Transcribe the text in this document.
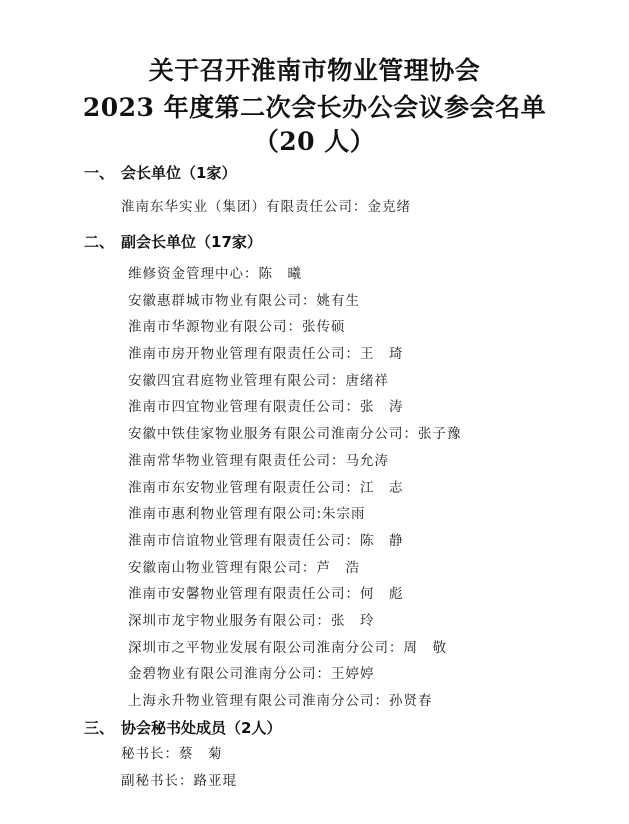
关于召开淮南市物业管理协会
2023 年度第二次会长办公会议参会名单
（20 人）
一、 会长单位（1家）
淮南东华实业（集团）有限责任公司：金克绪
二、 副会长单位（17家）
维修资金管理中心：陈　曦
安徽惠群城市物业有限公司：姚有生
淮南市华源物业有限公司：张传硕
淮南市房开物业管理有限责任公司：王　琦
安徽四宜君庭物业管理有限公司：唐绪祥
淮南市四宜物业管理有限责任公司：张　涛
安徽中铁佳家物业服务有限公司淮南分公司：张子豫
淮南常华物业管理有限责任公司：马允涛
淮南市东安物业管理有限责任公司：江　志
淮南市惠利物业管理有限公司:朱宗雨
淮南市信谊物业管理有限责任公司：陈　静
安徽南山物业管理有限公司：芦　浩
淮南市安馨物业管理有限责任公司：何　彪
深圳市龙宇物业服务有限公司：张　玲
深圳市之平物业发展有限公司淮南分公司：周　敬
金碧物业有限公司淮南分公司：王婷婷
上海永升物业管理有限公司淮南分公司：孙贤春
三、 协会秘书处成员（2人）
秘书长：蔡　菊
副秘书长：路亚琨
